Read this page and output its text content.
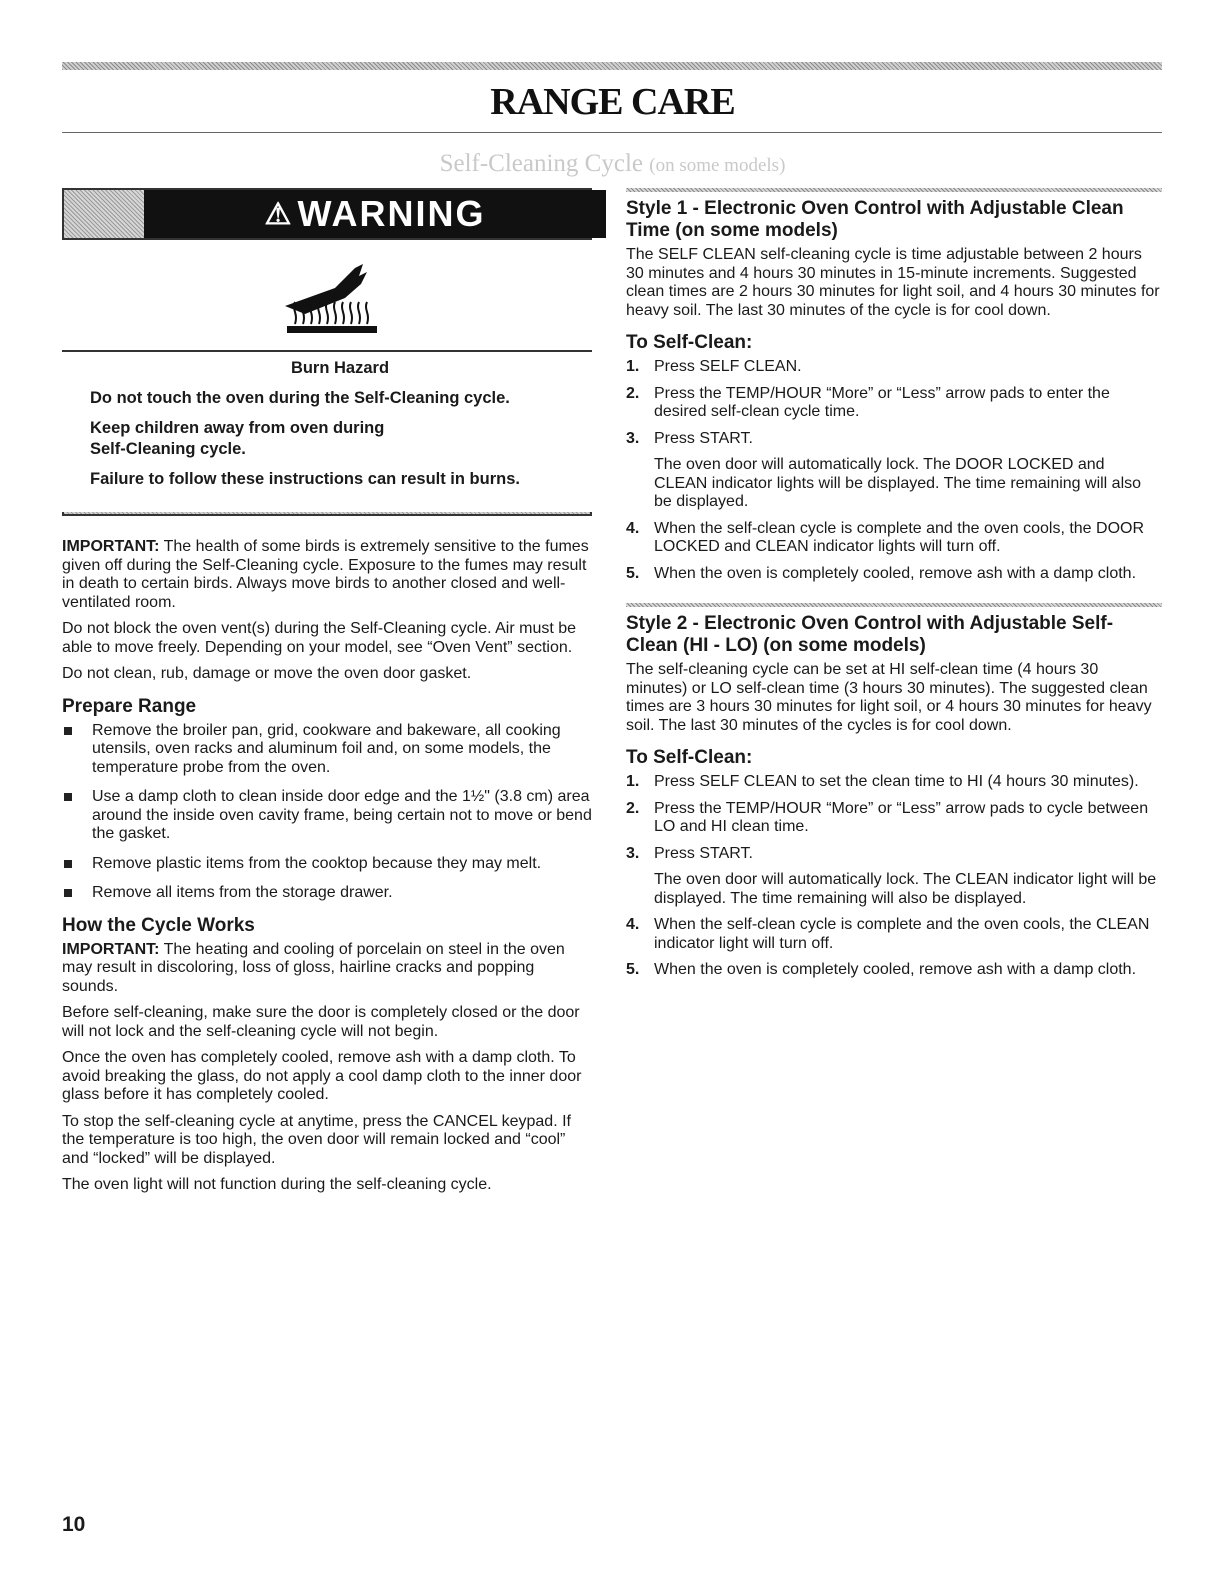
RANGE CARE
Self-Cleaning Cycle (on some models)
⚠ WARNING
Burn Hazard

Do not touch the oven during the Self-Cleaning cycle.

Keep children away from oven during Self-Cleaning cycle.

Failure to follow these instructions can result in burns.

IMPORTANT: The health of some birds is extremely sensitive to the fumes given off during the Self-Cleaning cycle. Exposure to the fumes may result in death to certain birds. Always move birds to another closed and well-ventilated room.

Do not block the oven vent(s) during the Self-Cleaning cycle. Air must be able to move freely. Depending on your model, see “Oven Vent” section.

Do not clean, rub, damage or move the oven door gasket.

Prepare Range
Remove the broiler pan, grid, cookware and bakeware, all cooking utensils, oven racks and aluminum foil and, on some models, the temperature probe from the oven.
Use a damp cloth to clean inside door edge and the 1½" (3.8 cm) area around the inside oven cavity frame, being certain not to move or bend the gasket.
Remove plastic items from the cooktop because they may melt.
Remove all items from the storage drawer.
How the Cycle Works

IMPORTANT: The heating and cooling of porcelain on steel in the oven may result in discoloring, loss of gloss, hairline cracks and popping sounds.

Before self-cleaning, make sure the door is completely closed or the door will not lock and the self-cleaning cycle will not begin.

Once the oven has completely cooled, remove ash with a damp cloth. To avoid breaking the glass, do not apply a cool damp cloth to the inner door glass before it has completely cooled.

To stop the self-cleaning cycle at anytime, press the CANCEL keypad. If the temperature is too high, the oven door will remain locked and “cool” and “locked” will be displayed.

The oven light will not function during the self-cleaning cycle.

Style 1 - Electronic Oven Control with Adjustable Clean Time (on some models)

The SELF CLEAN self-cleaning cycle is time adjustable between 2 hours 30 minutes and 4 hours 30 minutes in 15-minute increments. Suggested clean times are 2 hours 30 minutes for light soil, and 4 hours 30 minutes for heavy soil. The last 30 minutes of the cycle is for cool down.

To Self-Clean:
1. Press SELF CLEAN.
2. Press the TEMP/HOUR “More” or “Less” arrow pads to enter the desired self-clean cycle time.
3. Press START.
The oven door will automatically lock. The DOOR LOCKED and CLEAN indicator lights will be displayed. The time remaining will also be displayed.
4. When the self-clean cycle is complete and the oven cools, the DOOR LOCKED and CLEAN indicator lights will turn off.
5. When the oven is completely cooled, remove ash with a damp cloth.
Style 2 - Electronic Oven Control with Adjustable Self-Clean (HI - LO) (on some models)

The self-cleaning cycle can be set at HI self-clean time (4 hours 30 minutes) or LO self-clean time (3 hours 30 minutes). The suggested clean times are 3 hours 30 minutes for light soil, or 4 hours 30 minutes for heavy soil. The last 30 minutes of the cycles is for cool down.

To Self-Clean:
1. Press SELF CLEAN to set the clean time to HI (4 hours 30 minutes).
2. Press the TEMP/HOUR “More” or “Less” arrow pads to cycle between LO and HI clean time.
3. Press START.
The oven door will automatically lock. The CLEAN indicator light will be displayed. The time remaining will also be displayed.
4. When the self-clean cycle is complete and the oven cools, the CLEAN indicator light will turn off.
5. When the oven is completely cooled, remove ash with a damp cloth.
10
